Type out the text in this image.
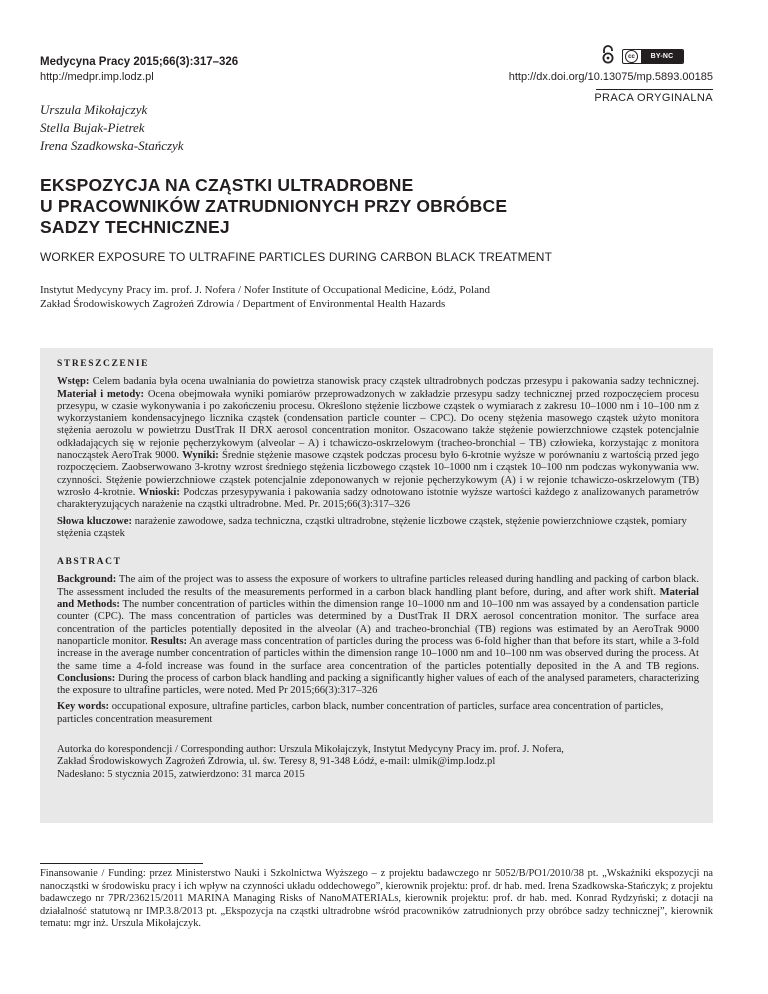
Medycyna Pracy 2015;66(3):317–326
http://medpr.imp.lodz.pl
cc	BY-NC
http://dx.doi.org/10.13075/mp.5893.00185
PRACA ORYGINALNA
Urszula Mikołajczyk
Stella Bujak-Pietrek
Irena Szadkowska-Stańczyk
EKSPOZYCJA NA CZĄSTKI ULTRADROBNE
U PRACOWNIKÓW ZATRUDNIONYCH PRZY OBRÓBCE
SADZY TECHNICZNEJ
WORKER EXPOSURE TO ULTRAFINE PARTICLES DURING CARBON BLACK TREATMENT
Instytut Medycyny Pracy im. prof. J. Nofera / Nofer Institute of Occupational Medicine, Łódź, Poland
Zakład Środowiskowych Zagrożeń Zdrowia / Department of Environmental Health Hazards
STRESZCZENIE
Wstęp: Celem badania była ocena uwalniania do powietrza stanowisk pracy cząstek ultradrobnych podczas przesypu i pakowania sadzy technicznej. Materiał i metody: Ocena obejmowała wyniki pomiarów przeprowadzonych w zakładzie przesypu sadzy technicznej przed rozpoczęciem procesu przesypu, w czasie wykonywania i po zakończeniu procesu. Określono stężenie liczbowe cząstek o wymiarach z zakresu 10–1000 nm i 10–100 nm z wykorzystaniem kondensacyjnego licznika cząstek (condensation particle counter – CPC). Do oceny stężenia masowego cząstek użyto monitora stężenia aerozolu w powietrzu DustTrak II DRX aerosol concentration monitor. Oszacowano także stężenie powierzchniowe cząstek potencjalnie odkładających się w rejonie pęcherzykowym (alveolar – A) i tchawiczo-oskrzelowym (tracheo-bronchial – TB) człowieka, korzystając z monitora nanocząstek AeroTrak 9000. Wyniki: Średnie stężenie masowe cząstek podczas procesu było 6-krotnie wyższe w porównaniu z wartością przed jego rozpoczęciem. Zaobserwowano 3-krotny wzrost średniego stężenia liczbowego cząstek 10–1000 nm i cząstek 10–100 nm podczas wykonywania ww. czynności. Stężenie powierzchniowe cząstek potencjalnie zdeponowanych w rejonie pęcherzykowym (A) i w rejonie tchawiczo-oskrzelowym (TB) wzrosło 4-krotnie. Wnioski: Podczas przesypywania i pakowania sadzy odnotowano istotnie wyższe wartości każdego z analizowanych parametrów charakteryzujących narażenie na cząstki ultradrobne. Med. Pr. 2015;66(3):317–326
Słowa kluczowe: narażenie zawodowe, sadza techniczna, cząstki ultradrobne, stężenie liczbowe cząstek, stężenie powierzchniowe cząstek, pomiary stężenia cząstek
ABSTRACT
Background: The aim of the project was to assess the exposure of workers to ultrafine particles released during handling and packing of carbon black. The assessment included the results of the measurements performed in a carbon black handling plant before, during, and after work shift. Material and Methods: The number concentration of particles within the dimension range 10–1000 nm and 10–100 nm was assayed by a condensation particle counter (CPC). The mass concentration of particles was determined by a DustTrak II DRX aerosol concentration monitor. The surface area concentration of the particles potentially deposited in the alveolar (A) and tracheo-bronchial (TB) regions was estimated by an AeroTrak 9000 nanoparticle monitor. Results: An average mass concentration of particles during the process was 6-fold higher than that before its start, while a 3-fold increase in the average number concentration of particles within the dimension range 10–1000 nm and 10–100 nm was observed during the process. At the same time a 4-fold increase was found in the surface area concentration of the particles potentially deposited in the A and TB regions. Conclusions: During the process of carbon black handling and packing a significantly higher values of each of the analysed parameters, characterizing the exposure to ultrafine particles, were noted. Med Pr 2015;66(3):317–326
Key words: occupational exposure, ultrafine particles, carbon black, number concentration of particles, surface area concentration of particles, particles concentration measurement
Autorka do korespondencji / Corresponding author: Urszula Mikołajczyk, Instytut Medycyny Pracy im. prof. J. Nofera,
Zakład Środowiskowych Zagrożeń Zdrowia, ul. św. Teresy 8, 91-348 Łódź, e-mail: ulmik@imp.lodz.pl
Nadesłano: 5 stycznia 2015, zatwierdzono: 31 marca 2015
Finansowanie / Funding: przez Ministerstwo Nauki i Szkolnictwa Wyższego – z projektu badawczego nr 5052/B/PO1/2010/38 pt. „Wskaźniki ekspozycji na nanocząstki w środowisku pracy i ich wpływ na czynności układu oddechowego”, kierownik projektu: prof. dr hab. med. Irena Szadkowska-Stańczyk; z projektu badawczego nr 7PR/236215/2011 MARINA Managing Risks of NanoMATERIALs, kierownik projektu: prof. dr hab. med. Konrad Rydzyński; z dotacji na działalność statutową nr IMP.3.8/2013 pt. „Ekspozycja na cząstki ultradrobne wśród pracowników zatrudnionych przy obróbce sadzy technicznej”, kierownik tematu: mgr inż. Urszula Mikołajczyk.
